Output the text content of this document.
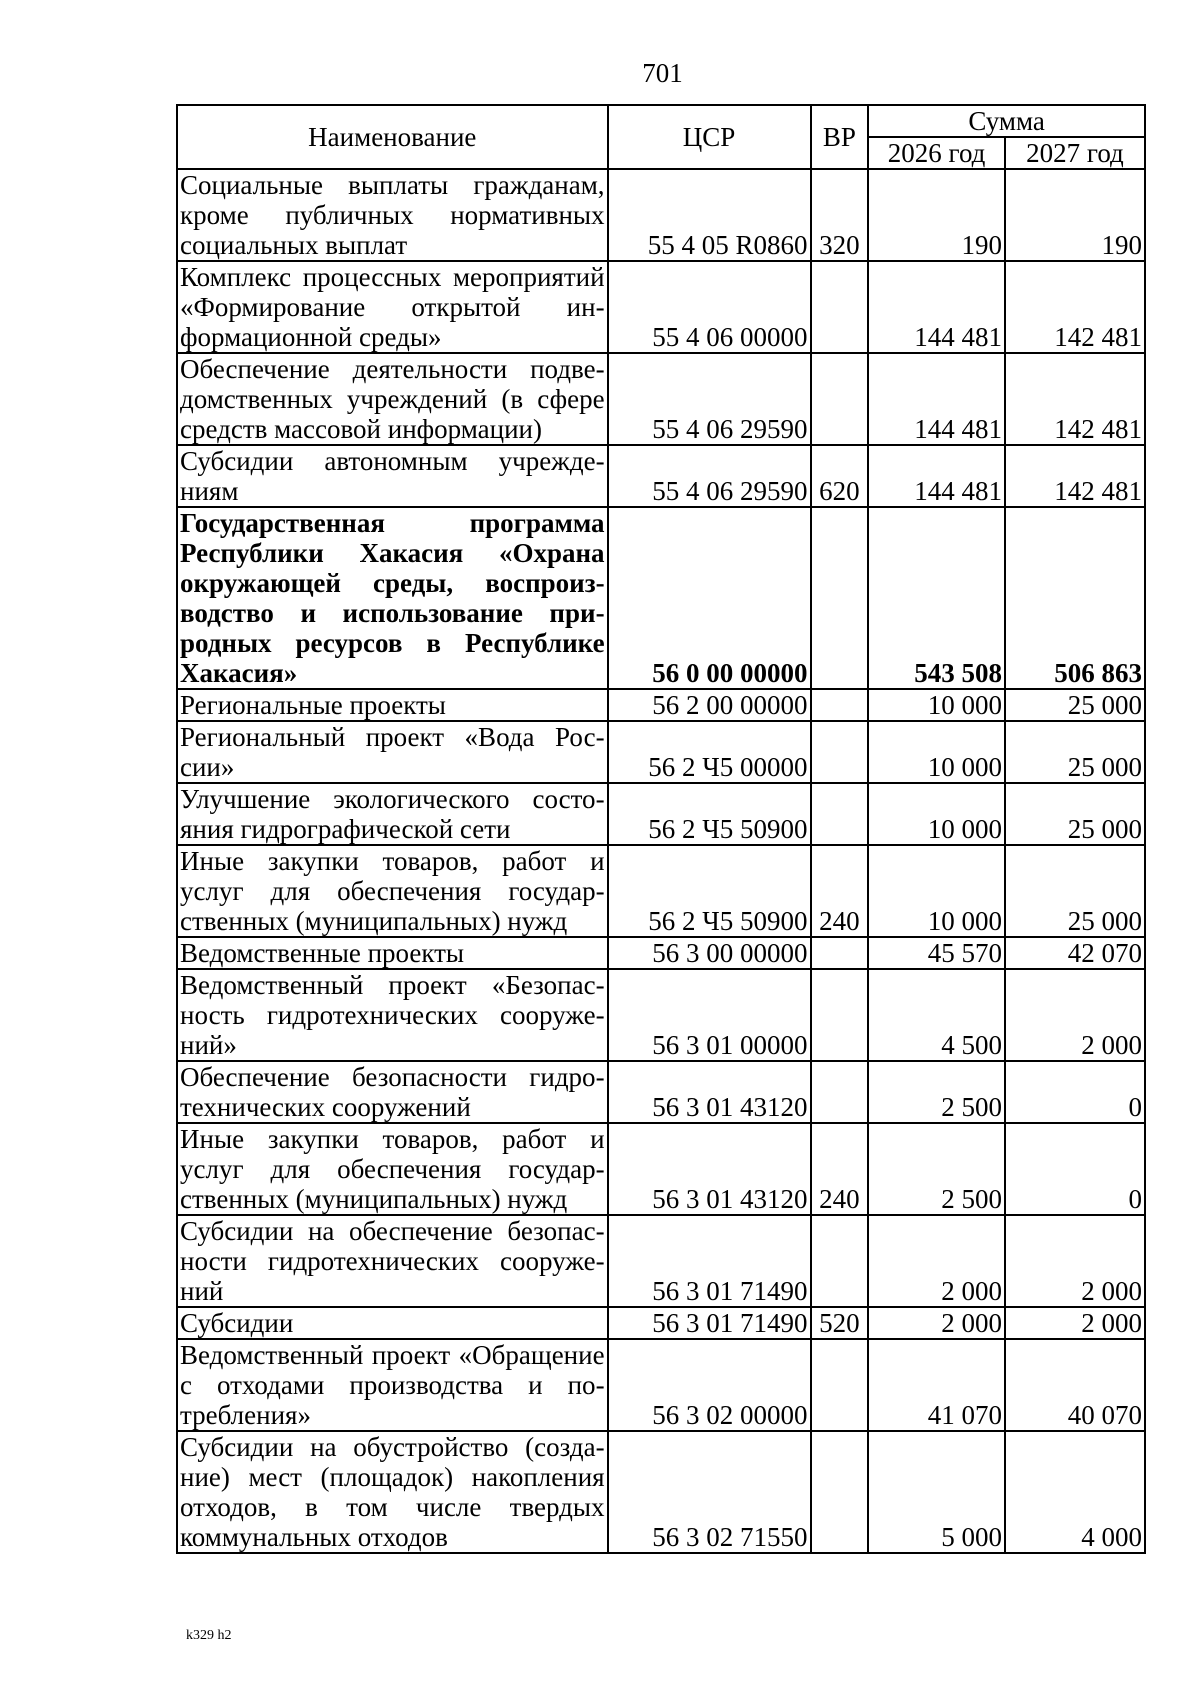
701
Наименование	ЦСР	ВР	Сумма	
			2026 год	2027 год
Социальные выплаты гражданам, кроме публичных нормативных социальных выплат	55 4 05 R0860	320	190	190
Комплекс процессных мероприятий «Формирование открытой информационной среды»	55 4 06 00000		144 481	142 481
Обеспечение деятельности подведомственных учреждений (в сфере средств массовой информации)	55 4 06 29590		144 481	142 481
Субсидии автономным учреждениям	55 4 06 29590	620	144 481	142 481
Государственная программа Республики Хакасия «Охрана окружающей среды, воспроизводство и использование природных ресурсов в Республике Хакасия»	56 0 00 00000		543 508	506 863
Региональные проекты	56 2 00 00000		10 000	25 000
Региональный проект «Вода России»	56 2 Ч5 00000		10 000	25 000
Улучшение экологического состояния гидрографической сети	56 2 Ч5 50900		10 000	25 000
Иные закупки товаров, работ и услуг для обеспечения государственных (муниципальных) нужд	56 2 Ч5 50900	240	10 000	25 000
Ведомственные проекты	56 3 00 00000		45 570	42 070
Ведомственный проект «Безопасность гидротехнических сооружений»	56 3 01 00000		4 500	2 000
Обеспечение безопасности гидротехнических сооружений	56 3 01 43120		2 500	0
Иные закупки товаров, работ и услуг для обеспечения государственных (муниципальных) нужд	56 3 01 43120	240	2 500	0
Субсидии на обеспечение безопасности гидротехнических сооружений	56 3 01 71490		2 000	2 000
Субсидии	56 3 01 71490	520	2 000	2 000
Ведомственный проект «Обращение с отходами производства и потребления»	56 3 02 00000		41 070	40 070
Субсидии на обустройство (создание) мест (площадок) накопления отходов, в том числе твердых коммунальных отходов	56 3 02 71550		5 000	4 000
k329 h2
